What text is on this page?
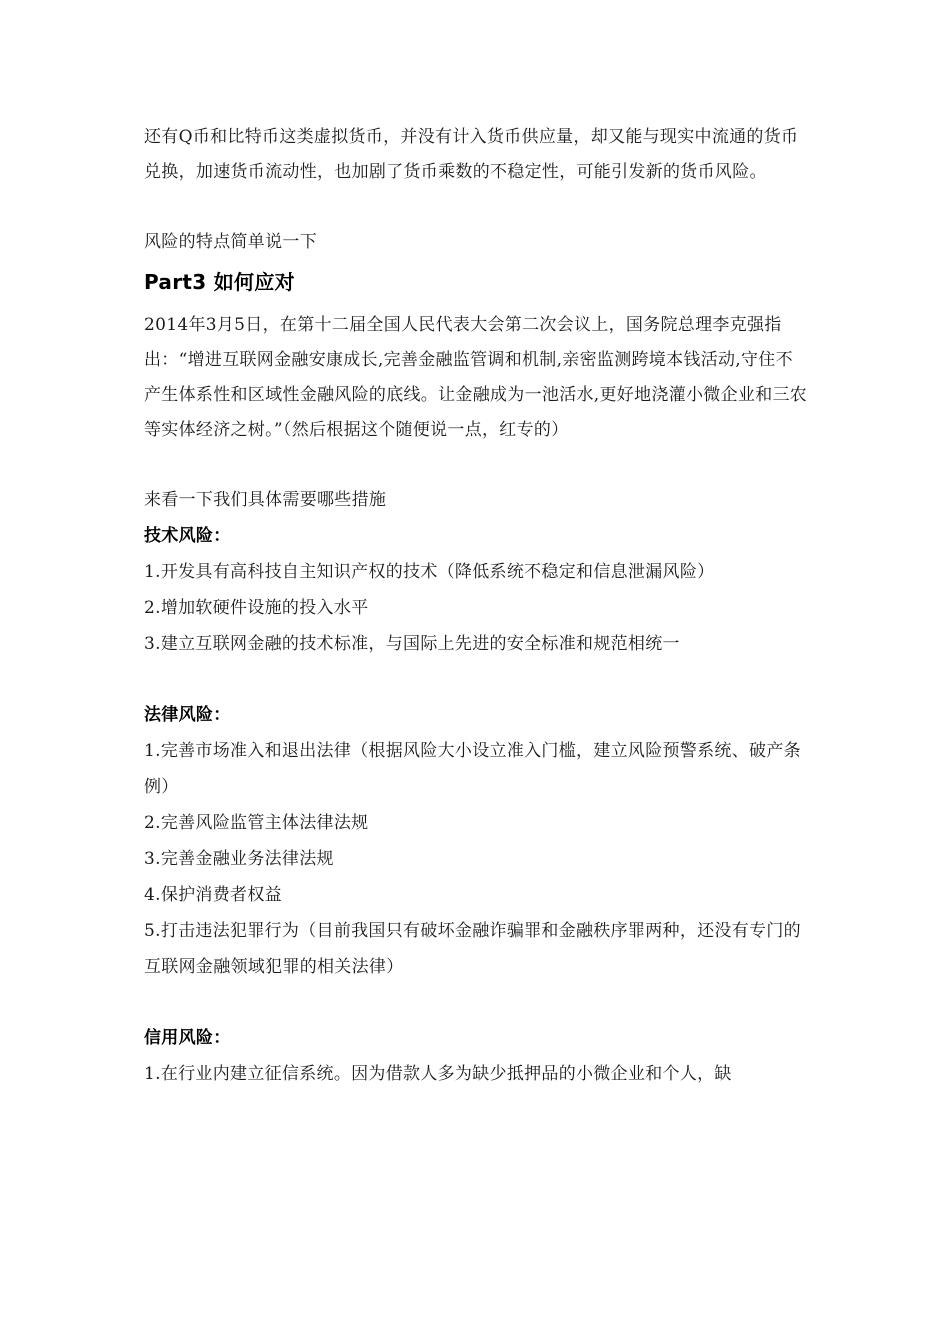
还有Q币和比特币这类虚拟货币，并没有计入货币供应量，却又能与现实中流通的货币兑换，加速货币流动性，也加剧了货币乘数的不稳定性，可能引发新的货币风险。

风险的特点简单说一下

Part3 如何应对

2014年3月5日，在第十二届全国人民代表大会第二次会议上，国务院总理李克强指出：“增进互联网金融安康成长,完善金融监管调和机制,亲密监测跨境本钱活动,守住不产生体系性和区域性金融风险的底线。让金融成为一池活水,更好地浇灌小微企业和三农等实体经济之树。”（然后根据这个随便说一点，红专的）

来看一下我们具体需要哪些措施

技术风险：

1.开发具有高科技自主知识产权的技术（降低系统不稳定和信息泄漏风险）

2.增加软硬件设施的投入水平

3.建立互联网金融的技术标准，与国际上先进的安全标准和规范相统一

法律风险：

1.完善市场准入和退出法律（根据风险大小设立准入门槛，建立风险预警系统、破产条例）

2.完善风险监管主体法律法规

3.完善金融业务法律法规

4.保护消费者权益

5.打击违法犯罪行为（目前我国只有破坏金融诈骗罪和金融秩序罪两种，还没有专门的互联网金融领域犯罪的相关法律）

信用风险：

1.在行业内建立征信系统。因为借款人多为缺少抵押品的小微企业和个人，缺
